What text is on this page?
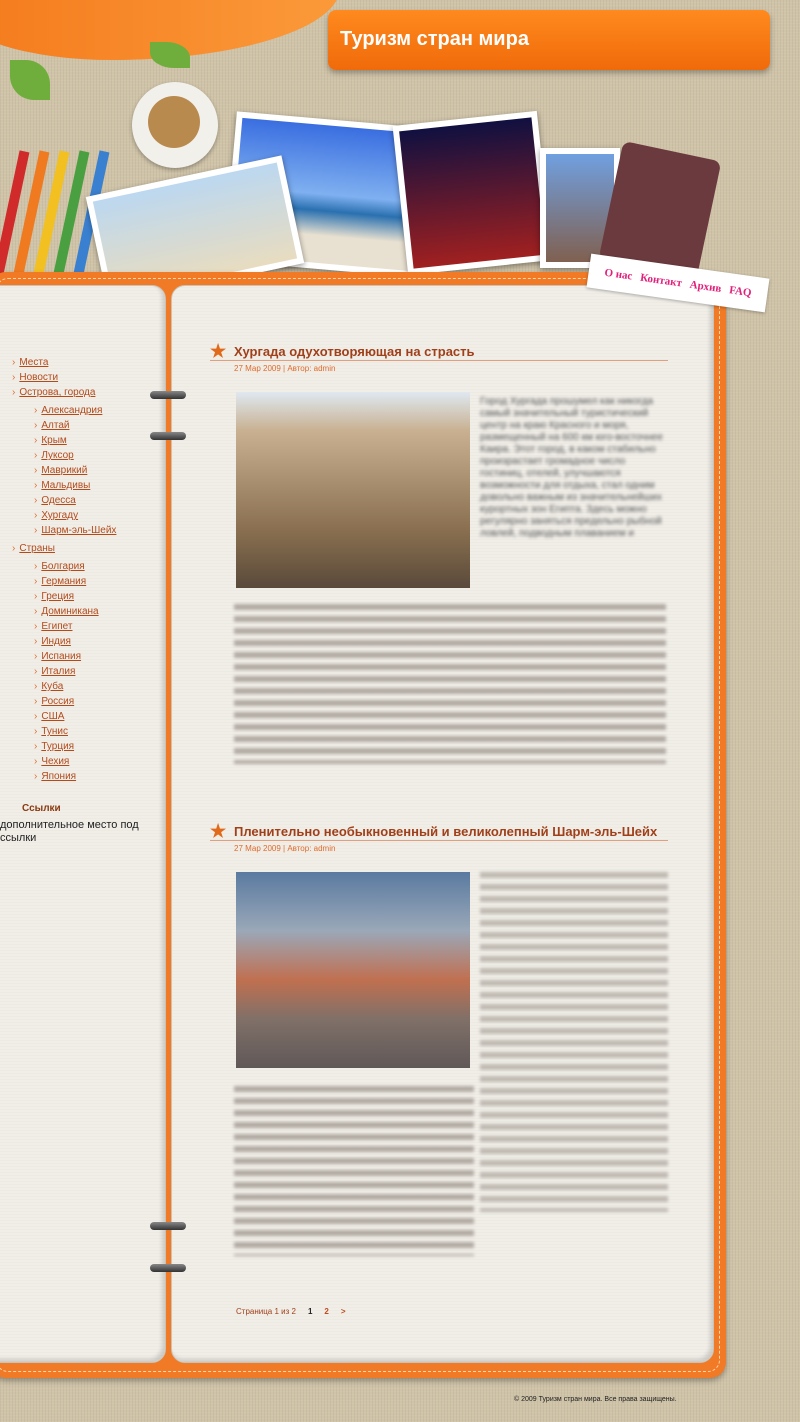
Туризм стран мира
О нас Контакт Архив FAQ
› Места
› Новости
› Острова, города
› Александрия
› Алтай
› Крым
› Луксор
› Маврикий
› Мальдивы
› Одесса
› Хургаду
› Шарм-эль-Шейх
› Страны
› Болгария
› Германия
› Греция
› Доминикана
› Египет
› Индия
› Испания
› Италия
› Куба
› Россия
› США
› Тунис
› Турция
› Чехия
› Япония
Ссылки
дополнительное место под ссылки
★ Хургада одухотворяющая на страсть
27 Мар 2009 | Автор: admin
Город Хургада прошумел как никогда самый значительный туристический центр на краю Красного и моря, размещенный на 600 км юго-восточнее Каира. Этот город, в каком стабильно произрастает громадное число гостиниц, отелей, улучшаются возможности для отдыха, стал одним довольно важным из значительнейших курортных зон Египта. Здесь можно регулярно заняться предельно рыбной ловлей, подводным плаванием и
★ Пленительно необыкновенный и великолепный Шарм-эль-Шейх
27 Мар 2009 | Автор: admin
Страница 1 из 2 1 2 >
© 2009 Туризм стран мира. Все права защищены.
